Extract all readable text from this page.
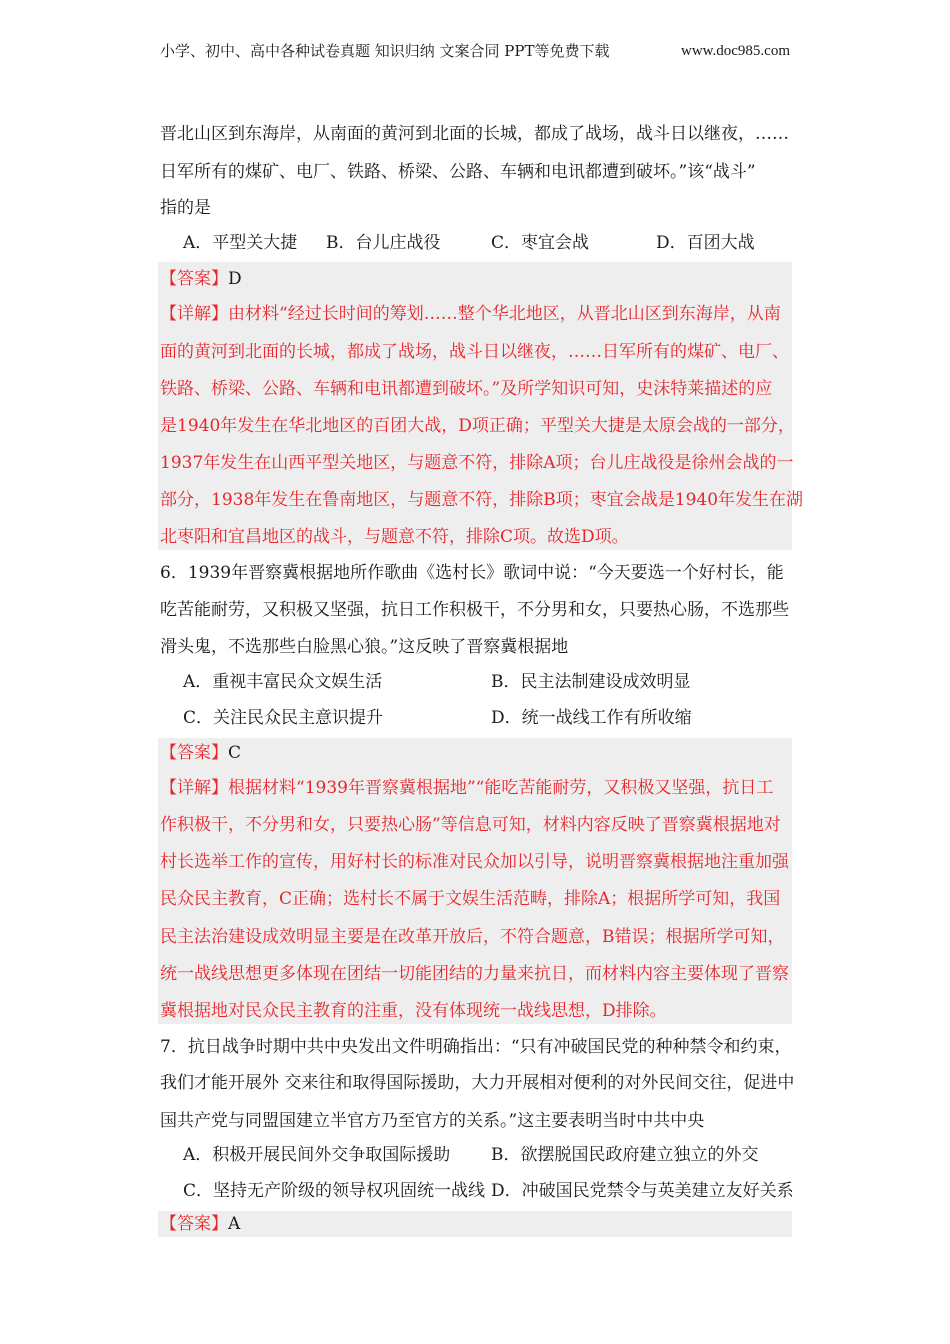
小学、初中、高中各种试卷真题 知识归纳 文案合同 PPT等免费下载	www.doc985.com
晋北山区到东海岸，从南面的黄河到北面的长城，都成了战场，战斗日以继夜，……
日军所有的煤矿、电厂、铁路、桥梁、公路、车辆和电讯都遭到破坏。”该“战斗”
指的是
A．平型关大捷 B．台儿庄战役	C．枣宜会战	D．百团大战
【答案】D
【详解】由材料“经过长时间的筹划……整个华北地区，从晋北山区到东海岸，从南
面的黄河到北面的长城，都成了战场，战斗日以继夜，……日军所有的煤矿、电厂、
铁路、桥梁、公路、车辆和电讯都遭到破坏。”及所学知识可知，史沫特莱描述的应
是1940年发生在华北地区的百团大战，D项正确；平型关大捷是太原会战的一部分，
1937年发生在山西平型关地区，与题意不符，排除A项；台儿庄战役是徐州会战的一
部分，1938年发生在鲁南地区，与题意不符，排除B项；枣宜会战是1940年发生在湖
北枣阳和宜昌地区的战斗，与题意不符，排除C项。故选D项。
6．1939年晋察冀根据地所作歌曲《选村长》歌词中说：“今天要选一个好村长，能
吃苦能耐劳，又积极又坚强，抗日工作积极干，不分男和女，只要热心肠，不选那些
滑头鬼，不选那些白脸黑心狼。”这反映了晋察冀根据地
A．重视丰富民众文娱生活	B．民主法制建设成效明显
C．关注民众民主意识提升	D．统一战线工作有所收缩
【答案】C
【详解】根据材料“1939年晋察冀根据地”“能吃苦能耐劳，又积极又坚强，抗日工
作积极干，不分男和女，只要热心肠”等信息可知，材料内容反映了晋察冀根据地对
村长选举工作的宣传，用好村长的标准对民众加以引导，说明晋察冀根据地注重加强
民众民主教育，C正确；选村长不属于文娱生活范畴，排除A；根据所学可知，我国
民主法治建设成效明显主要是在改革开放后，不符合题意，B错误；根据所学可知，
统一战线思想更多体现在团结一切能团结的力量来抗日，而材料内容主要体现了晋察
冀根据地对民众民主教育的注重，没有体现统一战线思想，D排除。
7．抗日战争时期中共中央发出文件明确指出：“只有冲破国民党的种种禁令和约束，
我们才能开展外 交来往和取得国际援助，大力开展相对便利的对外民间交往，促进中
国共产党与同盟国建立半官方乃至官方的关系。”这主要表明当时中共中央
A．积极开展民间外交争取国际援助 B．欲摆脱国民政府建立独立的外交
C．坚持无产阶级的领导权巩固统一战线 D．冲破国民党禁令与英美建立友好关系
【答案】A
